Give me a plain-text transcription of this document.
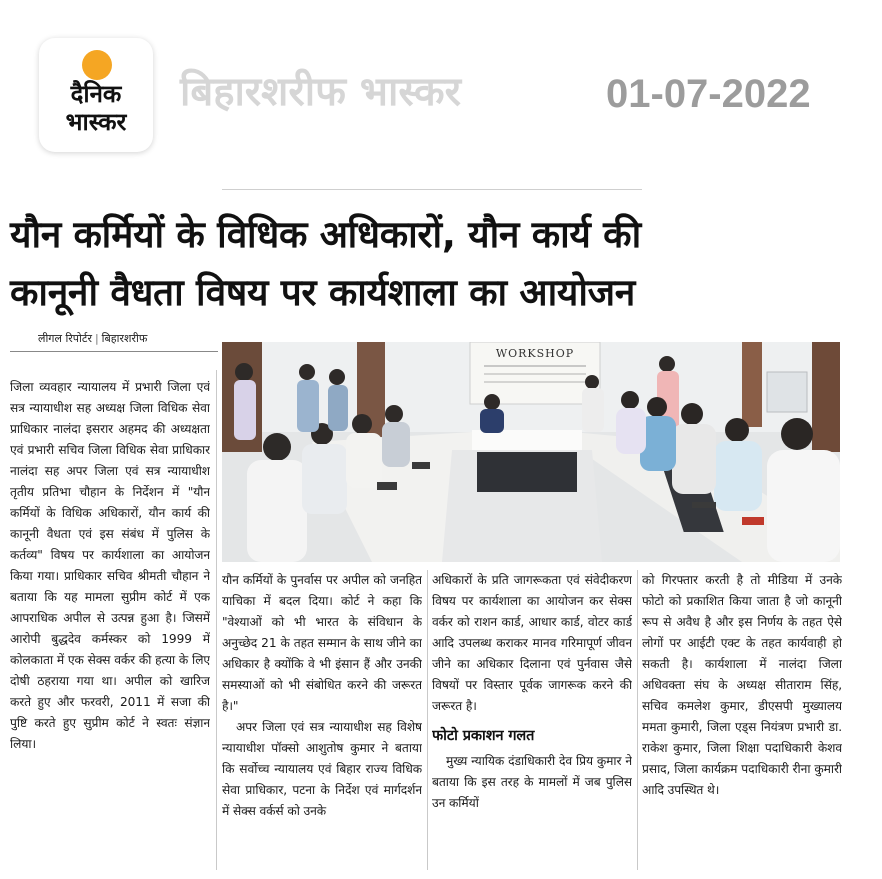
दैनिक
भास्कर
बिहारशरीफ भास्कर	01-07-2022
यौन कर्मियों के विधिक अधिकारों, यौन कार्य की
कानूनी वैधता विषय पर कार्यशाला का आयोजन
लीगल रिपोर्टर | बिहारशरीफ
WORKSHOP

जिला व्यवहार न्यायालय में प्रभारी जिला एवं सत्र न्यायाधीश सह अध्यक्ष जिला विधिक सेवा प्राधिकार नालंदा इसरार अहमद की अध्यक्षता एवं प्रभारी सचिव जिला विधिक सेवा प्राधिकार नालंदा सह अपर जिला एवं सत्र न्यायाधीश तृतीय प्रतिभा चौहान के निर्देशन में "यौन कर्मियों के विधिक अधिकारों, यौन कार्य की कानूनी वैधता एवं इस संबंध में पुलिस के कर्तव्य" विषय पर कार्यशाला का आयोजन किया गया। प्राधिकार सचिव श्रीमती चौहान ने बताया कि यह मामला सुप्रीम कोर्ट में एक आपराधिक अपील से उत्पन्न हुआ है। जिसमें आरोपी बुद्धदेव कर्मस्कर को 1999 में कोलकाता में एक सेक्स वर्कर की हत्या के लिए दोषी ठहराया गया था। अपील को खारिज करते हुए और फरवरी, 2011 में सजा की पुष्टि करते हुए सुप्रीम कोर्ट ने स्वतः संज्ञान लिया।

यौन कर्मियों के पुनर्वास पर अपील को जनहित याचिका में बदल दिया। कोर्ट ने कहा कि "वेश्याओं को भी भारत के संविधान के अनुच्छेद 21 के तहत सम्मान के साथ जीने का अधिकार है क्योंकि वे भी इंसान हैं और उनकी समस्याओं को भी संबोधित करने की जरूरत है।"

अपर जिला एवं सत्र न्यायाधीश सह विशेष न्यायाधीश पॉक्सो आशुतोष कुमार ने बताया कि सर्वोच्च न्यायालय एवं बिहार राज्य विधिक सेवा प्राधिकार, पटना के निर्देश एवं मार्गदर्शन में सेक्स वर्कर्स को उनके

अधिकारों के प्रति जागरूकता एवं संवेदीकरण विषय पर कार्यशाला का आयोजन कर सेक्स वर्कर को राशन कार्ड, आधार कार्ड, वोटर कार्ड आदि उपलब्ध कराकर मानव गरिमापूर्ण जीवन जीने का अधिकार दिलाना एवं पुर्नवास जैसे विषयों पर विस्तार पूर्वक जागरूक करने की जरूरत है।

फोटो प्रकाशन गलत

मुख्य न्यायिक दंडाधिकारी देव प्रिय कुमार ने बताया कि इस तरह के मामलों में जब पुलिस उन कर्मियों

को गिरफ्तार करती है तो मीडिया में उनके फोटो को प्रकाशित किया जाता है जो कानूनी रूप से अवैध है और इस निर्णय के तहत ऐसे लोगों पर आईटी एक्ट के तहत कार्यवाही हो सकती है। कार्यशाला में नालंदा जिला अधिवक्ता संघ के अध्यक्ष सीताराम सिंह, सचिव कमलेश कुमार, डीएसपी मुख्यालय ममता कुमारी, जिला एड्स नियंत्रण प्रभारी डा. राकेश कुमार, जिला शिक्षा पदाधिकारी केशव प्रसाद, जिला कार्यक्रम पदाधिकारी रीना कुमारी आदि उपस्थित थे।
